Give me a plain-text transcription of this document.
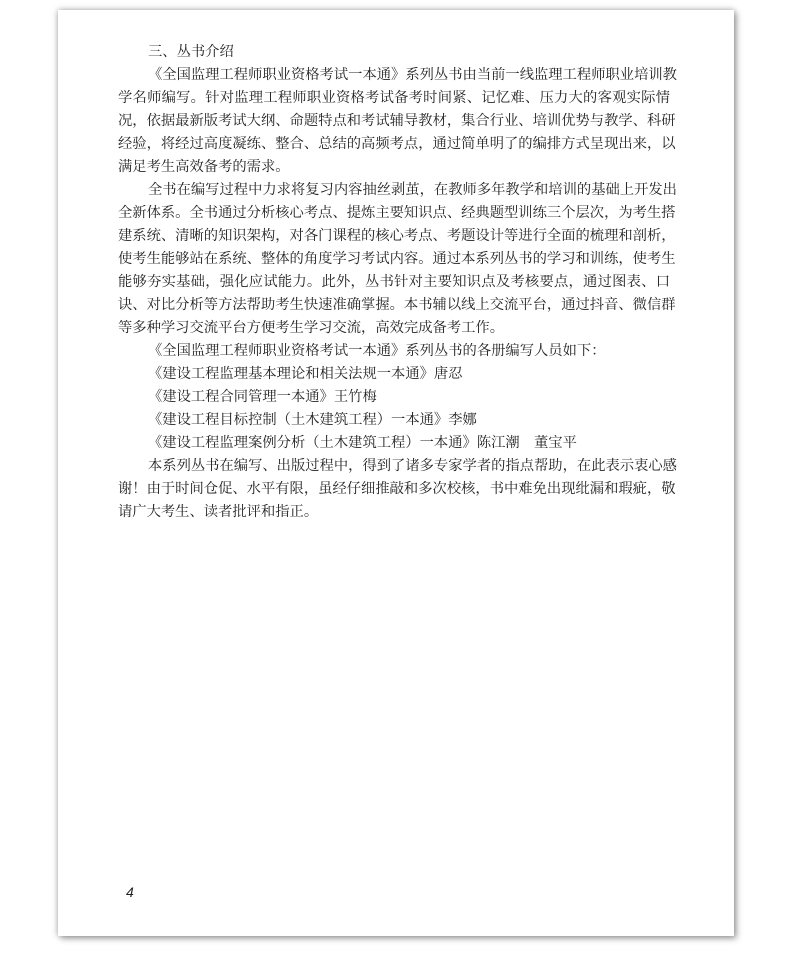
三、丛书介绍
《全国监理工程师职业资格考试一本通》系列丛书由当前一线监理工程师职业培训教
学名师编写。针对监理工程师职业资格考试备考时间紧、记忆难、压力大的客观实际情
况，依据最新版考试大纲、命题特点和考试辅导教材，集合行业、培训优势与教学、科研
经验，将经过高度凝练、整合、总结的高频考点，通过简单明了的编排方式呈现出来，以
满足考生高效备考的需求。
全书在编写过程中力求将复习内容抽丝剥茧，在教师多年教学和培训的基础上开发出
全新体系。全书通过分析核心考点、提炼主要知识点、经典题型训练三个层次，为考生搭
建系统、清晰的知识架构，对各门课程的核心考点、考题设计等进行全面的梳理和剖析，
使考生能够站在系统、整体的角度学习考试内容。通过本系列丛书的学习和训练，使考生
能够夯实基础，强化应试能力。此外，丛书针对主要知识点及考核要点，通过图表、口
诀、对比分析等方法帮助考生快速准确掌握。本书辅以线上交流平台，通过抖音、微信群
等多种学习交流平台方便考生学习交流，高效完成备考工作。
《全国监理工程师职业资格考试一本通》系列丛书的各册编写人员如下：
《建设工程监理基本理论和相关法规一本通》唐忍
《建设工程合同管理一本通》王竹梅
《建设工程目标控制（土木建筑工程）一本通》李娜
《建设工程监理案例分析（土木建筑工程）一本通》陈江潮　董宝平
本系列丛书在编写、出版过程中，得到了诸多专家学者的指点帮助，在此表示衷心感
谢！由于时间仓促、水平有限，虽经仔细推敲和多次校核，书中难免出现纰漏和瑕疵，敬
请广大考生、读者批评和指正。
4
